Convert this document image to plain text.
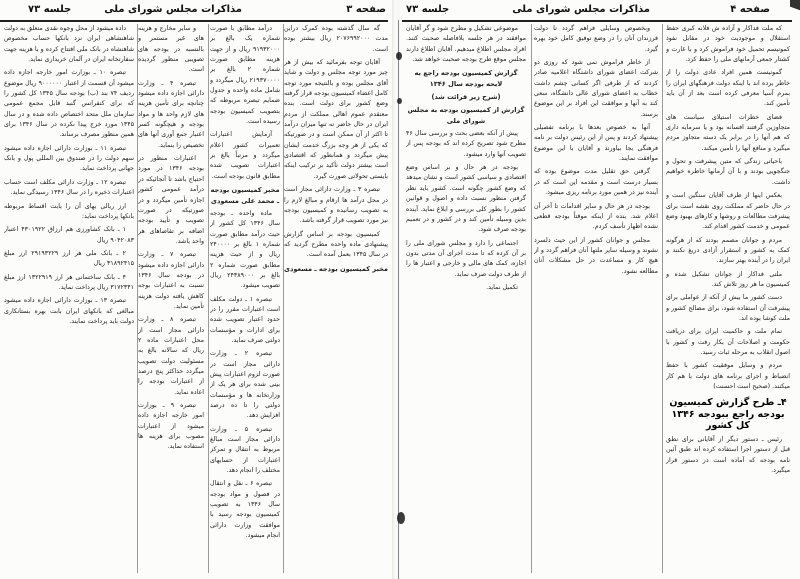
صفحه ۳
مذاکرات مجلس شورای ملی
جلسه ۷۳

گه سال گذشته بوده کمرک دراین مدت ۲۰۷۶۹۹۲۰۰۰ ریال بیشتر بوده است.

آقایان توجه بفرمائید که بیش از هر چیز مورد توجه مجلس و دولت و شاید آقای مجلس بوده و بالنتیجه مورد توجه کامل اعضاء کمیسیون بودجه قرار گرفته وضع کشور برای دولت است. بنده معتقدم عموم اهالی مملکت از مردم ایران در حال حاضر نه تنها میزان درآمد تا اکثر از آن ممکن است و در صورتیکه که یکی از هر وجه بزرگ خدمت ایشان پیش میگردد و همانطور که اقتصادی است بیشتر دولت تأکید بر ترکیب اینکه بایستی تحولاتی صورت گیرد.

تبصره ۳ ـ وزارت دارائی مجاز است در محل درآمد ها ارقام و مبالغ لازم را به تصویب رسانیده و کمیسیون بودجه نیز مورد تصویب قرار گرفته باشد.

کمیسیون بودجه بر اساس گزارش پیشنهادی ماده واحده مطرح گردید که در سال ۱۳۴۵ بعمل آمده است.

مخبر کمیسیون بودجه ـ مسعودی

درآمد مطابق با صورت شماره یک بالغ بر ۹۱۹۳۲۰۰۰ ریال و از جهت هزینه مطابق صورت شماره ۲ بالغ بر ۲۱۹۳۷۰۰۰۰ ریال میگردد و شامل ماده واحده و جدول ضمایم تبصره مربوطه که بتصویب کمیسیون بودجه رسیده است.

آزمایش اعتبارات تعمیرات کشور اعلام میگردد و مرتباً بالغ بر اعتبارات تصویب شده مطابق قانون بودجه است.

مخبر کمیسیون بودجه ـ محمد علی مسعودی

ماده واحده ـ بودجه سال ۱۳۴۶ کل کشور از حیث درآمد مطابق صورت شماره ۱ بالغ بر ۲۴۰۰۰۰ ریال و از حیث هزینه مطابق صورت شماره ۲ بالغ بر ۲۴۳۸۹۰۰۰ ریال تصویب میشود.

تبصره ۱ ـ دولت مکلف است اعتبارات مقرر را در حدود اعتبار تصویب شده برای ادارات و مؤسسات دولتی صرف نماید.

تبصره ۲ ـ وزارت دارائی مجاز است در صورت لزوم اعتبارات پیش بینی شده برای هر یک از وزارتخانه ها و مؤسسات دولتی را تا ده درصد افزایش دهد.

تبصره ۵ ـ وزارت دارائی مجاز است مبالغ مربوط به انتقال و تمرکز اعتبارات از حسابهای مختلف را انجام دهد.

تبصره ۶ ـ نقل و انتقال در فصول و مواد بودجه سال ۱۳۴۶ به تصویب کمیسیون بودجه رسید با موافقت وزارت دارائی انجام میشود.

و سایر مخارج و هزینه های غیر مستمر و بالنسبه در بودجه های تصویبی منظور گردیده است.

تبصره ۴ ـ وزارت دارائی اجازه داده میشود چنانچه برای تأمین هزینه های لازم واحد ها و مواد بودجه و هیچگونه کسر اعتبار جمع آوری آنها های تخصیص را بنماید.

اعتبارات منظور در بودجه ۱۳۴۶ در مورد احتیاج باشد تا آنجائیکه در درآمد عمومی کشور اجازه تأمین میگردد و در صورتیکه در صورت تصویب و تأیید بودجه اضافه بر تقاضاهای هر واحد باشد.

تبصره ۷ ـ وزارت دارائی اجازه داده میشود در بودجه سال ۱۳۴۶ نسبت به اعتبارات بوجه کاهش یافته دولت هزینه تأمین نماید.

تبصره ۸ ـ وزارت دارائی مجاز است از محل اعتبارات ماده ۲ ریال که سالانه بالغ به مسئولیت دولت تصویب میگردد حداکثر پنج درصد از اعتبارات بودجه را اعاده نماید.

تبصره ۹ ـ بوزارت امور خارجه اجازه داده میشود از اعتبارات مصوب برای هزینه ها استفاده نماید.

داده میشود از محل وجوه نقدی متعلق به دولت شاهنشاهی ایران نزد بانکها حساب مخصوص شاهنشاه در بانک ملی افتتاح کرده و با هزینه جهت سفارتخانه ایران در آلمان خریداری نماید.

تبصره ۱۰ ـ بوزارت امور خارجه اجازه داده میشود آن قسمت از اعتبار ۹۰۰۰۰۰۰ ریال موضوع ردیف ۷۴ بند (ب) بودجه سال ۱۳۴۵ کل کشور را که برای کنفرانس گنبد قابل مجمع عمومی سازمان ملل متحد اختصاص داده شده و در سال ۱۳۴۵ مورد خرج پیدا نکرده در سال ۱۳۴۶ برای همین منظور مصرف برساند.

تبصره ۱۱ ـ بوزارت دارائی اجازه داده میشود سهم دولت را در صندوق بین المللی پول و بانک جهانی پرداخت نماید.

تبصره ۱۲ ـ وزارت دارائی مکلف است حساب اعتبارات ذخیره را در سال ۱۳۴۶ رسیدگی نماید.

ارز ریالی بهای آن را بابت اقساط مربوطه بانکها پرداخت نماید:

۱ ـ بانک کشاورزی هم ارزاق ۴۳۰۱۹۲۲ اعتبار ۹۰۴۲۰۸۳ ریال

۲ ـ بانک ملی هر ارز ۲۹۱۹۳۲۲۹ ارز مبلغ ۳۱۸۹۲۴۱۵ ریال

۴ ـ بانک ساختمانی هر ارز ۱۳۲۲۹۱۹ ارز مبلغ ۳۱۷۲۳۴۱ ریال پرداخت نماید.

تبصره ۱۳ ـ بوزارت دارائی اجازه داده میشود مبالغی که بانکهای ایران بابت بهره بستانکاری دولت باید پرداخت نمایند.

صفحه ۴
مذاکرات مجلس شورای ملی
جلسه ۷۳

که ملت فداکار و آزاده ش فلانه کبری حفظ استقلال و موجودیت خود در مقابل نفوذ کمونیسم تحمیل خود فراموش کرد و با غارت و کشتار جمعی آرمانهای ملی را حفظ کرد.

گمونیست همین افراد عادی دولت را از خاطر برده اند با اینکه دولت فرهنگهای ایران را بمرم آسیا معرفی کرده است بعد از آن باید تأمین کند.

فضای خطرات استیلای سیاست های متجاوزین گرفتند افسانه بود و یا سرمایه داری که هم آنها را در برابر یک دسته متجاوز مردم میگیرد و منافع آنها را تأمین میکند.

باحیاتی زندگی که متین پیشرفت و تحول و جنگجویی بودند و با آن آرمانها خاطره خواهیم داشت.

بعکس اینها از طرف آقایان سنگین است و در حال حاضر که مملکت روی نقشه است برای پیشرفت مطالعات و روشها و کارهای بهبود وضع عمومی و خدمت کشور اقدام کند.

مردم و جوانان مصمم بودند که از هرگونه کمک به کشور و استقرار آزادی دریغ نکنند و ایران را در آینده بهتر سازند.

ملتی فداکار از جوانان تشکیل شده و کمیسیون ما هر روز تلاش کند.

دست کشور ما بیش از آنکه از عواملی برای پیشرفت آن استفاده شود، برای مصالح کشور و ملت کوشا بوده اند.

تمام ملت و حاکمیت ایران برای دریافت حکومت و اصلاحات آن بکار رفت و کشور با اصول انقلاب به مرحله ثبات رسید.

مردم و وسایل موفقیت کشور با حفظ انضباط و اجرای برنامه های دولت با هم کار میکنند. (صحیح است احسنت)

۴ـ طرح گزارش کمیسیون بودجه راجع ببودجه ۱۳۴۶ کل کشور

رئیس ـ دستور دیگر از آقایانی برای نطق قبل از دستور اجرا استفاده کرده اند طبق آئین نامه بودجه که آماده است در دستور قرار میگیرد.

وبخصوص وسایلی فراهم گردد تا دولت فرزندان آنان را در وضع توفیق کامل خود بهره گیرد.

از خاطر فراموش نمی شود که روزی دو شرکت اعضای شورای داشتگاه اعلامیه صادر کردند که از طرفی اگر کسانی چشم داشت خطاب به اعضای شورای عالی دانشگاه، سعی کند به آنها و موافقت این افراد بر این موضوع برسند.

آنها به خصوص بعدها با برنامه تفصیلی پیشنهاد کردند و پس از این رئیس دولت بر نامه فرهنگی بجا بیاورند و آقایان با این موضوع موافقت نمایند.

گرفتن حق تقلیل مدت موضوع بوده که بسیار درست است و مقدمه این است که در آینده نیز در همین مورد برنامه ریزی میشود.

بودجه در هر حال و سایر اقدامات تا آخر آن اعلام شد. بنده از اینکه موقتاً بودجه قطعی نشده اظهار تأسف کردم.

مجلس و جوانان کشور از این حیث دلسرد نشوند و وسیله سایر ملتها آنان فراهم گردد و از هیچ کار و مساعدت در حل مشکلات آنان مطالعه نشود.

موضوعی تشکیل و مطرح شود و گر آقایان موافقند در هر جلسه بلافاصله صحبت کنند. افراد مجلس اطلاع میدهیم. آقایان اطلاع دارند مجلس موقع طرح بودجه صحبت خواهد شد.

گزارش کمیسیون بودجه راجع به لایحه بودجه سال ۱۳۴۶

(شرح زیر قرائت شد)

گزارش از کمیسیون بودجه به مجلس شورای ملی

پیش از آنکه بعضی بحث و بررسی سال ۴۶ مطرح شود تصریح کرده اند که بودجه پس از تصویب آنها وارد میشود.

بودجه در هر حال و بر اساس وضع اقتصادی و سیاسی کشور است و نشان میدهد که وضع کشور چگونه است. کشور باید نظر گرفتن منظور نسبت داده و اصول و قوانین کشور را بطور کلی بررسی و ابلاغ نماید. آینده بدین وسیله تأمین کند و در کشور و در تعمیم بودجه صرف شود.

اجتماعی را دارد و مجلس شورای ملی را بر آن کرده که تا مدت اجرای آن مدتی بدون اجازه، کمک های مالی و خارجی و اعتبار ها را از طرف دولت صرف نماید.

تکمیل نماید.
